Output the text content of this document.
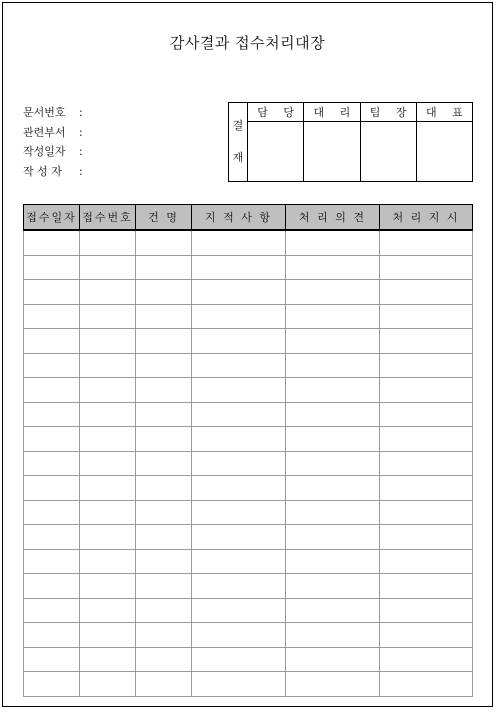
감사결과 접수처리대장
문서번호	:
관련부서	:
작성일자	:
작 성 자	:
결
재
담 당	대 리	팀 장	대 표
접수일자	접수번호	건 명	지 적 사 항	처 리 의 견	처 리 지 시
